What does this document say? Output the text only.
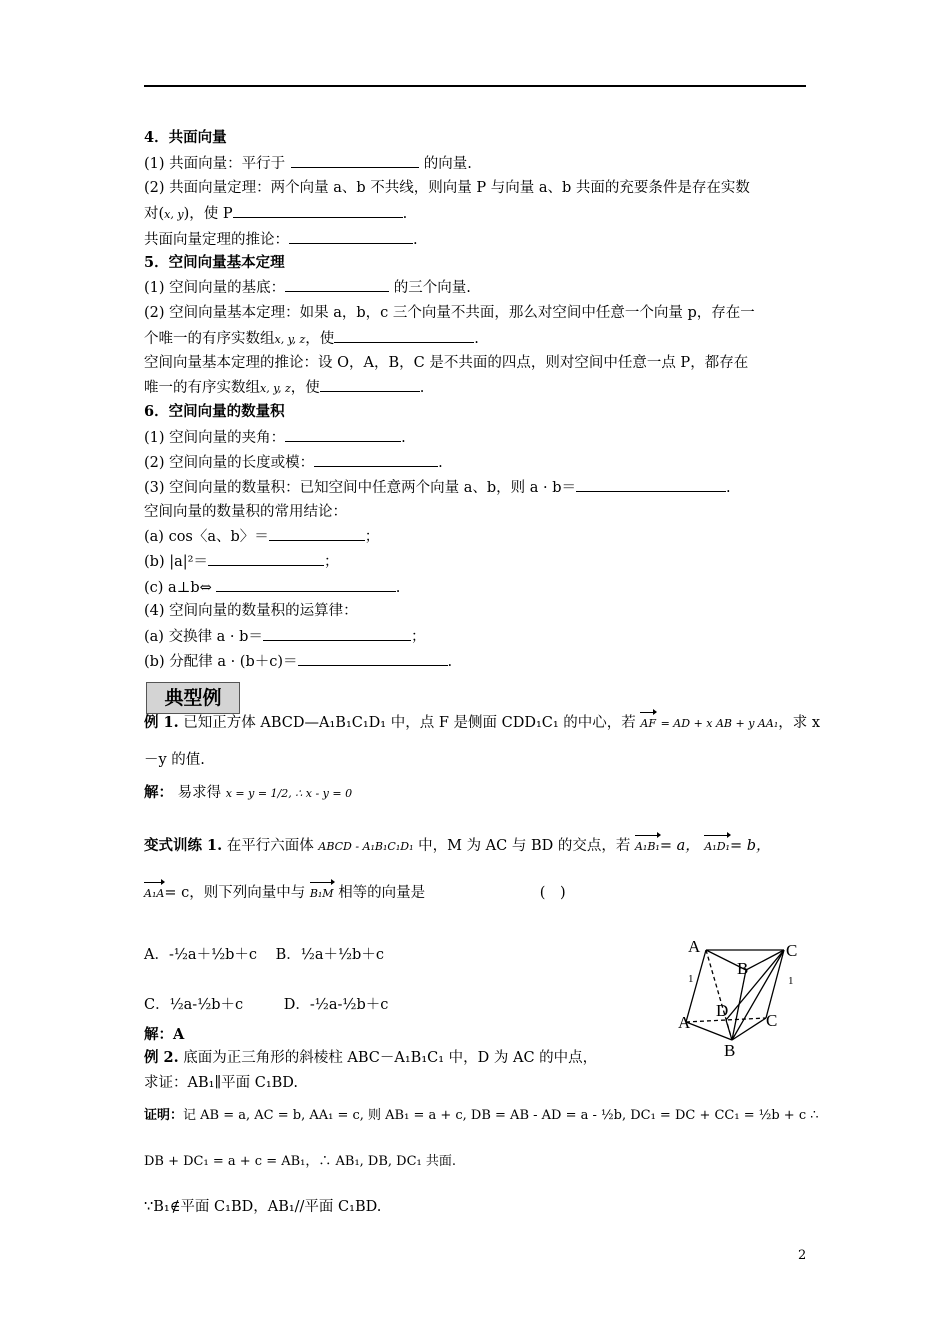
4．共面向量
(1) 共面向量：平行于	的向量.
(2) 共面向量定理：两个向量 a、b 不共线，则向量 P 与向量 a、b 共面的充要条件是存在实数
对(x, y)，使 P	.
共面向量定理的推论：	.
5．空间向量基本定理
(1) 空间向量的基底：	的三个向量.
(2) 空间向量基本定理：如果 a，b，c 三个向量不共面，那么对空间中任意一个向量 p，存在一
个唯一的有序实数组x, y, z，使	.
空间向量基本定理的推论：设 O，A，B，C 是不共面的四点，则对空间中任意一点 P，都存在
唯一的有序实数组x, y, z，使	.
6．空间向量的数量积
(1) 空间向量的夹角：	.
(2) 空间向量的长度或模：	.
(3) 空间向量的数量积：已知空间中任意两个向量 a、b，则 a · b＝	.
空间向量的数量积的常用结论：
(a) cos〈a、b〉＝	；
(b) |a|²＝	；
(c) a⊥b⇔	.
(4) 空间向量的数量积的运算律：
(a) 交换律 a · b＝	；
(b) 分配律 a · (b＋c)＝	.
典型例
例 1. 已知正方体 ABCD—A₁B₁C₁D₁ 中，点 F 是侧面 CDD₁C₁ 的中心，若 AF = AD + x AB + y AA₁，求 x
－y 的值.
解： 易求得 x = y = 1/2, ∴ x - y = 0
变式训练 1. 在平行六面体 ABCD - A₁B₁C₁D₁ 中，M 为 AC 与 BD 的交点，若 A₁B₁= a， A₁D₁= b，
A₁A= c，则下列向量中与 B₁M 相等的向量是	(　)
A．-½a＋½b＋c B．½a＋½b＋c
C．½a-½b＋c	D．-½a-½b＋c
解：A
例 2. 底面为正三角形的斜棱柱 ABC－A₁B₁C₁ 中，D 为 AC 的中点，
求证：AB₁∥平面 C₁BD.
证明：记 AB = a, AC = b, AA₁ = c, 则 AB₁ = a + c, DB = AB - AD = a - ½b, DC₁ = DC + CC₁ = ½b + c ∴
DB + DC₁ = a + c = AB₁，∴ AB₁, DB, DC₁ 共面.
∵B₁∉平面 C₁BD，AB₁//平面 C₁BD.
A	C
B
1	1
D
A	C
B
2
